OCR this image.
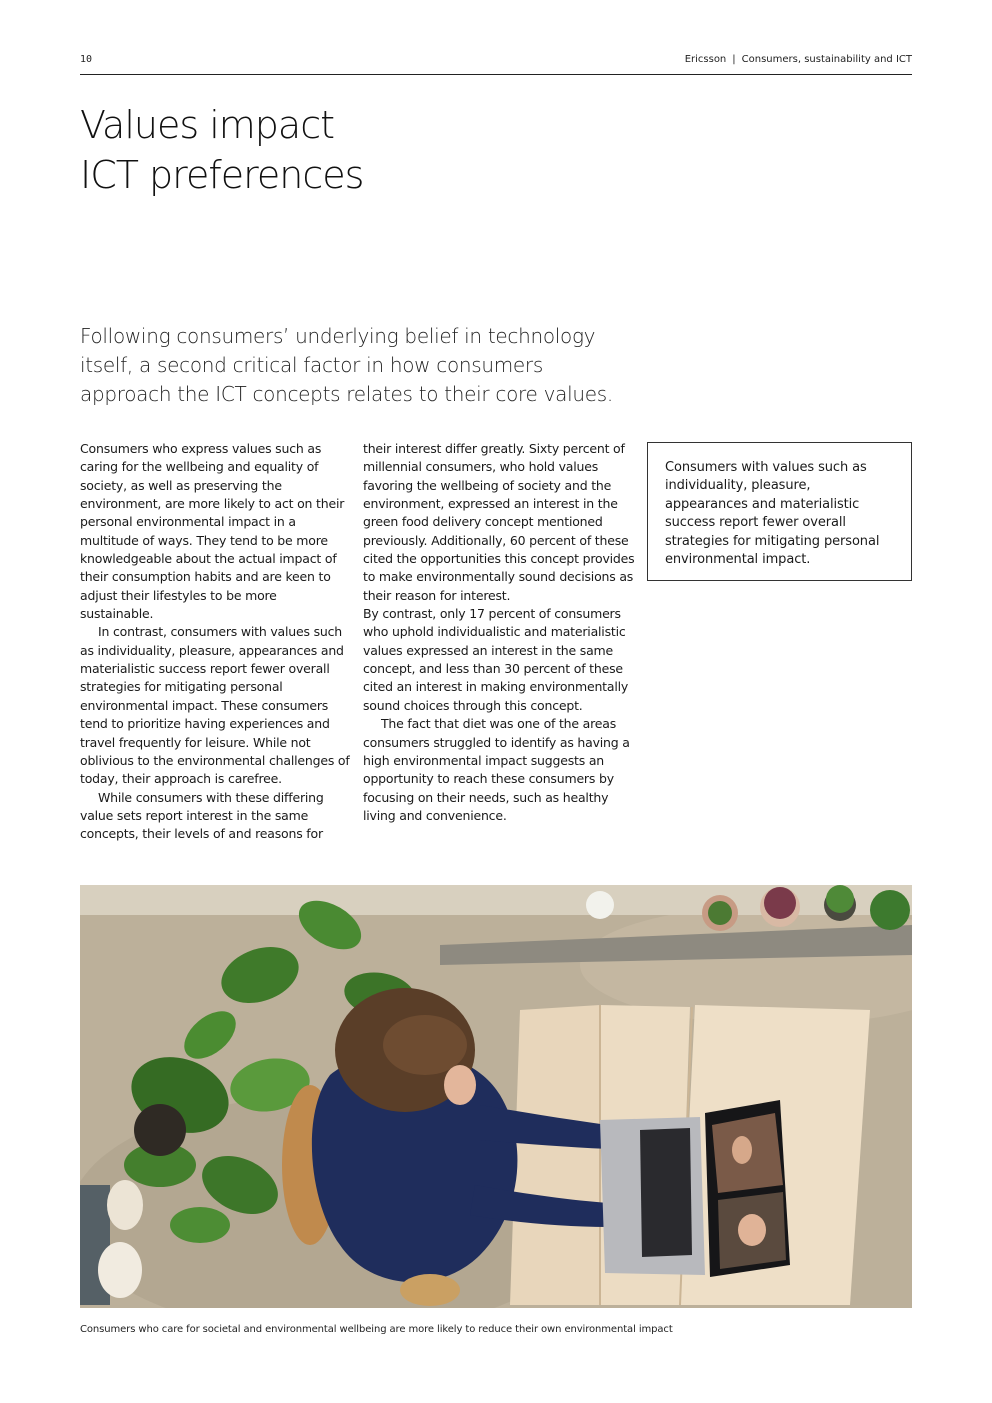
10	Ericsson | Consumers, sustainability and ICT
Values impact
ICT preferences

Following consumers’ underlying belief in technology itself, a second critical factor in how consumers approach the ICT concepts relates to their core values.

Consumers who express values such as caring for the wellbeing and equality of society, as well as preserving the environment, are more likely to act on their personal environmental impact in a multitude of ways. They tend to be more knowledgeable about the actual impact of their consumption habits and are keen to adjust their lifestyles to be more sustainable.

In contrast, consumers with values such as individuality, pleasure, appearances and materialistic success report fewer overall strategies for mitigating personal environmental impact. These consumers tend to prioritize having experiences and travel frequently for leisure. While not oblivious to the environmental challenges of today, their approach is carefree.

While consumers with these differing value sets report interest in the same concepts, their levels of and reasons for

their interest differ greatly. Sixty percent of millennial consumers, who hold values favoring the wellbeing of society and the environment, expressed an interest in the green food delivery concept mentioned previously. Additionally, 60 percent of these cited the opportunities this concept provides to make environmentally sound decisions as their reason for interest.

By contrast, only 17 percent of consumers who uphold individualistic and materialistic values expressed an interest in the same concept, and less than 30 percent of these cited an interest in making environmentally sound choices through this concept.

The fact that diet was one of the areas consumers struggled to identify as having a high environmental impact suggests an opportunity to reach these consumers by focusing on their needs, such as healthy living and convenience.

Consumers with values such as individuality, pleasure, appearances and materialistic success report fewer overall strategies for mitigating personal environmental impact.
Consumers who care for societal and environmental wellbeing are more likely to reduce their own environmental impact
